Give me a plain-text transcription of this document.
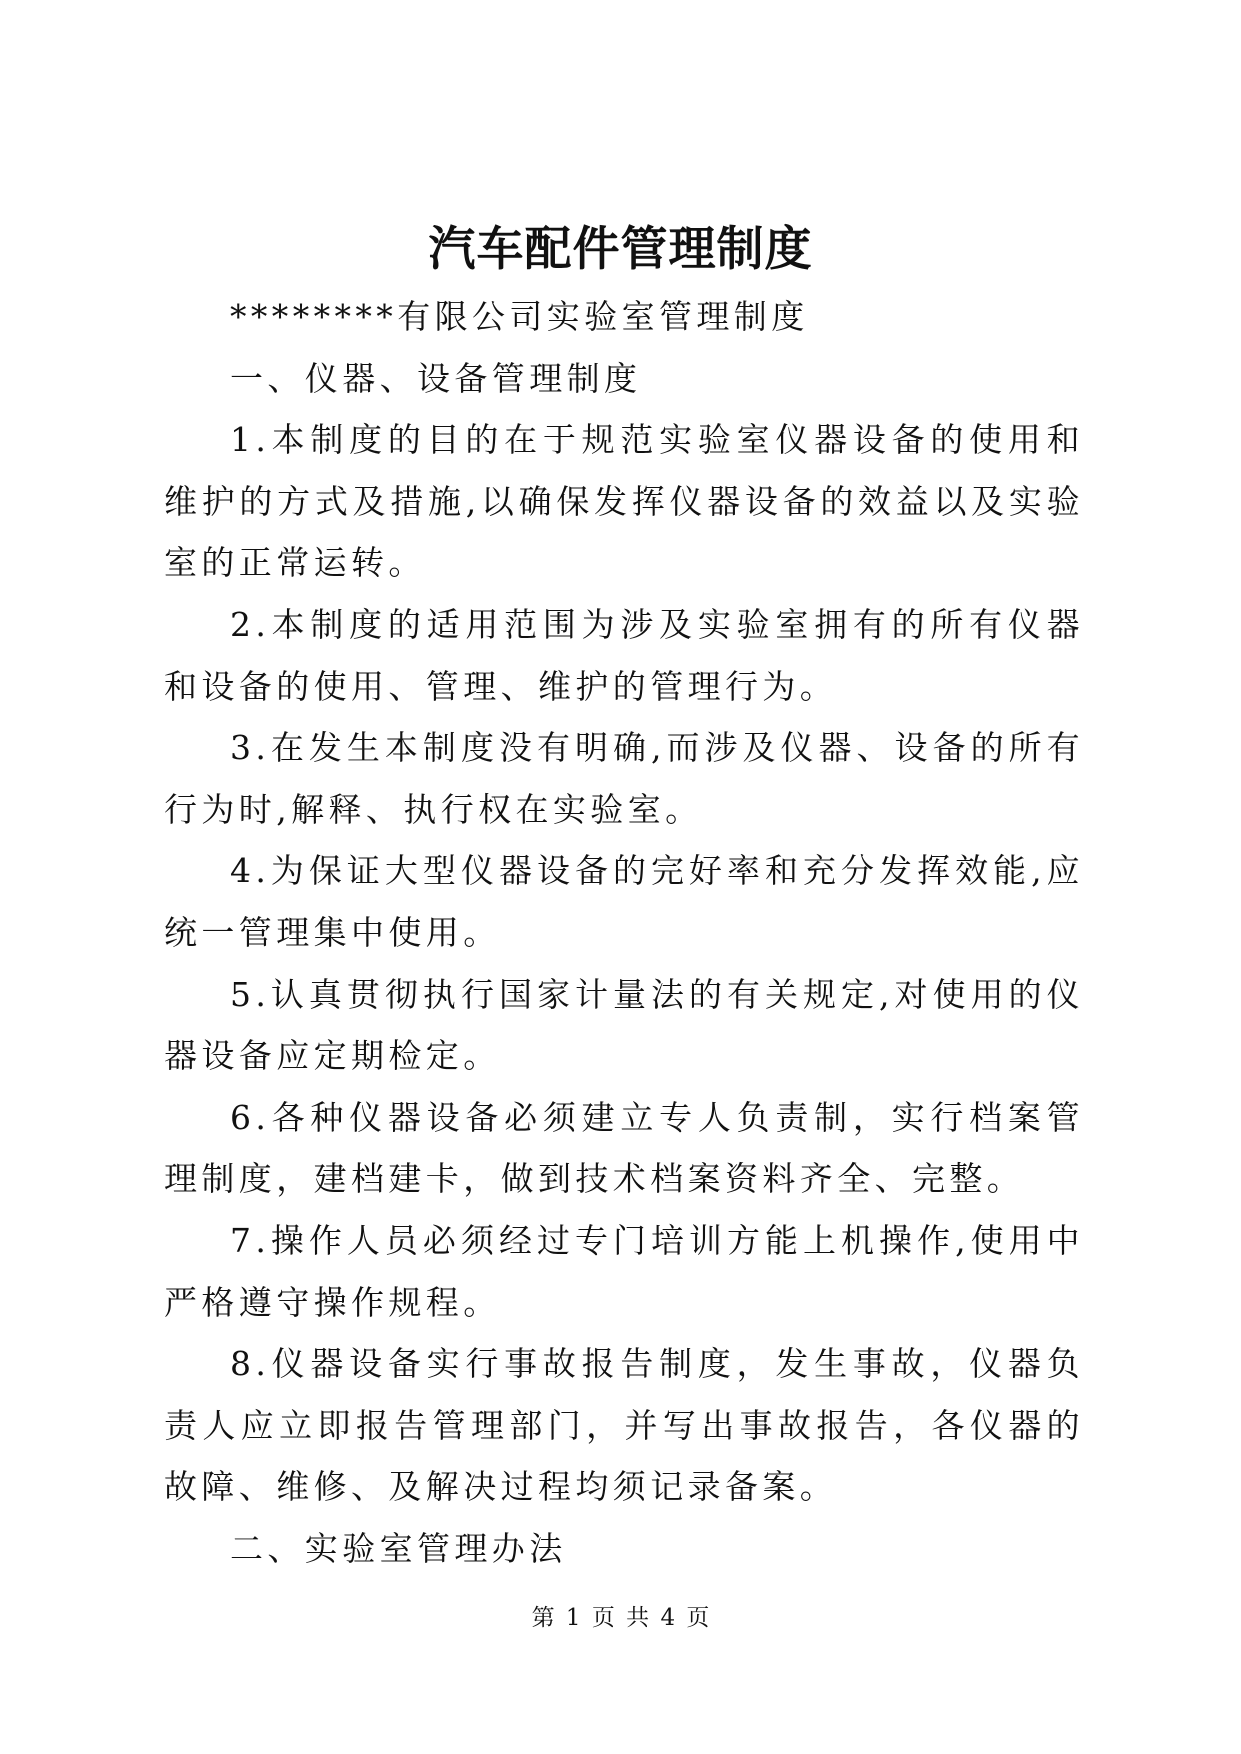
汽车配件管理制度

********有限公司实验室管理制度

一、仪器、设备管理制度

1.本制度的目的在于规范实验室仪器设备的使用和维护的方式及措施,以确保发挥仪器设备的效益以及实验室的正常运转。

2.本制度的适用范围为涉及实验室拥有的所有仪器和设备的使用、管理、维护的管理行为。

3.在发生本制度没有明确,而涉及仪器、设备的所有行为时,解释、执行权在实验室。

4.为保证大型仪器设备的完好率和充分发挥效能,应统一管理集中使用。

5.认真贯彻执行国家计量法的有关规定,对使用的仪器设备应定期检定。

6.各种仪器设备必须建立专人负责制，实行档案管理制度，建档建卡，做到技术档案资料齐全、完整。

7.操作人员必须经过专门培训方能上机操作,使用中严格遵守操作规程。

8.仪器设备实行事故报告制度，发生事故，仪器负责人应立即报告管理部门，并写出事故报告，各仪器的故障、维修、及解决过程均须记录备案。

二、实验室管理办法

第 1 页 共 4 页
